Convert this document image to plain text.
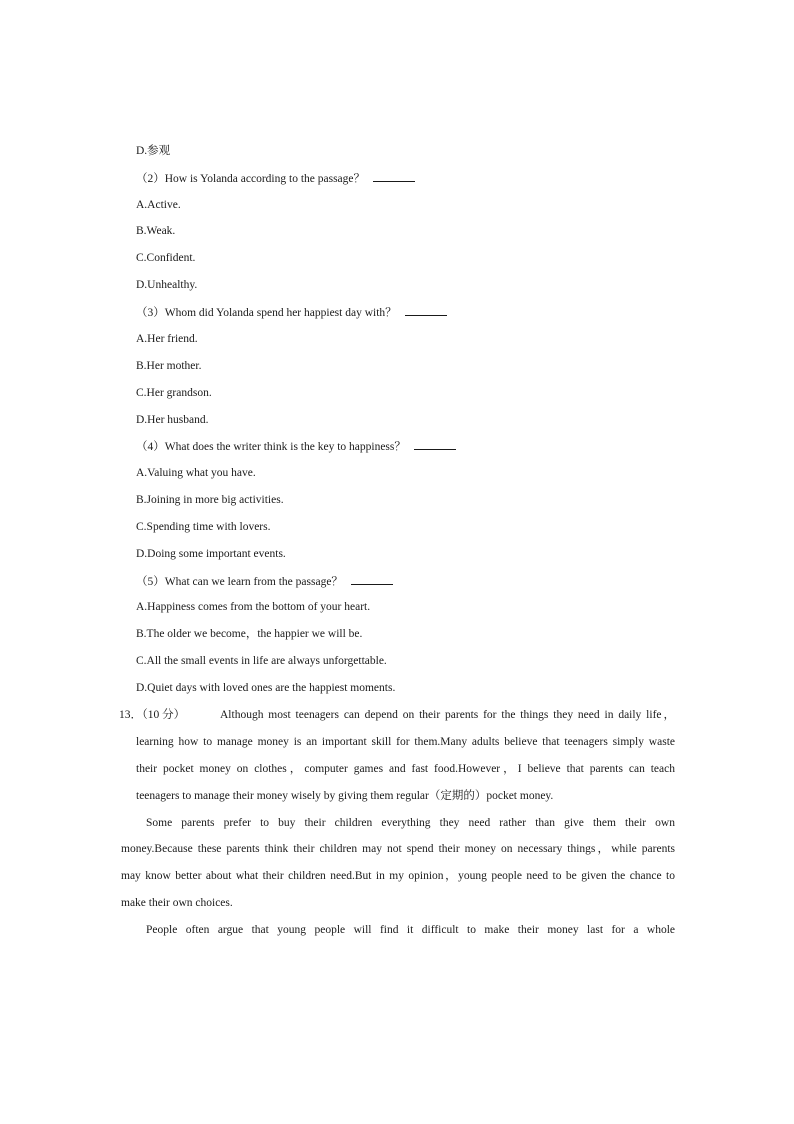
D.参观
（2）How is Yolanda according to the passage？
A.Active.
B.Weak.
C.Confident.
D.Unhealthy.
（3）Whom did Yolanda spend her happiest day with？
A.Her friend.
B.Her mother.
C.Her grandson.
D.Her husband.
（4）What does the writer think is the key to happiness？
A.Valuing what you have.
B.Joining in more big activities.
C.Spending time with lovers.
D.Doing some important events.
（5）What can we learn from the passage？
A.Happiness comes from the bottom of your heart.
B.The older we become，the happier we will be.
C.All the small events in life are always unforgettable.
D.Quiet days with loved ones are the happiest moments.
13．（10 分）	Although most teenagers can depend on their parents for the things they need in daily life，
learning how to manage money is an important skill for them.Many adults believe that teenagers simply waste
their pocket money on clothes，computer games and fast food.However，I believe that parents can teach
teenagers to manage their money wisely by giving them regular（定期的）pocket money.
Some parents prefer to buy their children everything they need rather than give them their own
money.Because these parents think their children may not spend their money on necessary things，while parents
may know better about what their children need.But in my opinion，young people need to be given the chance to
make their own choices.
People often argue that young people will find it difficult to make their money last for a whole
